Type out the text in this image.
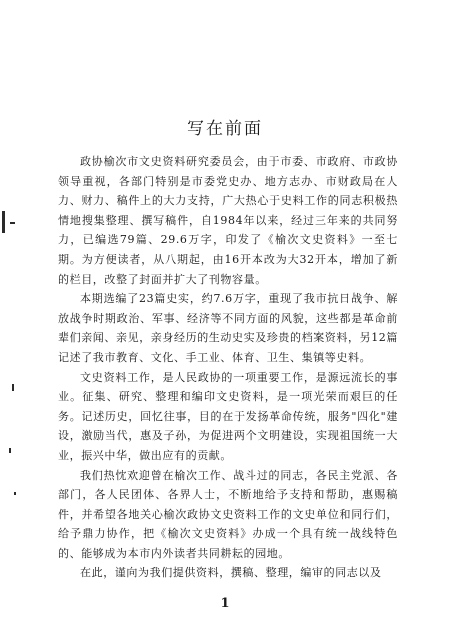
写在前面

政协榆次市文史资料研究委员会，由于市委、市政府、市政协领导重视，各部门特别是市委党史办、地方志办、市财政局在人力、财力、稿件上的大力支持，广大热心于史料工作的同志积极热情地搜集整理、撰写稿件，自1984年以来，经过三年来的共同努力，已编选79篇、29.6万字，印发了《榆次文史资料》一至七期。为方便读者，从八期起，由16开本改为大32开本，增加了新的栏目，改整了封面并扩大了刊物容量。

本期选编了23篇史实，约7.6万字，重现了我市抗日战争、解放战争时期政治、军事、经济等不同方面的风貌，这些都是革命前辈们亲闻、亲见，亲身经历的生动史实及珍贵的档案资料，另12篇记述了我市教育、文化、手工业、体育、卫生、集镇等史料。

文史资料工作，是人民政协的一项重要工作，是源远流长的事业。征集、研究、整理和编印文史资料，是一项光荣而艰巨的任务。记述历史，回忆往事，目的在于发扬革命传统，服务"四化"建设，激励当代，惠及子孙，为促进两个文明建设，实现祖国统一大业，振兴中华，做出应有的贡献。

我们热忱欢迎曾在榆次工作、战斗过的同志，各民主党派、各部门，各人民团体、各界人士，不断地给予支持和帮助，惠赐稿件，并希望各地关心榆次政协文史资料工作的文史单位和同行们，给予鼎力协作，把《榆次文史资料》办成一个具有统一战线特色的、能够成为本市内外读者共同耕耘的园地。

在此，谨向为我们提供资料，撰稿、整理，编审的同志以及

1
